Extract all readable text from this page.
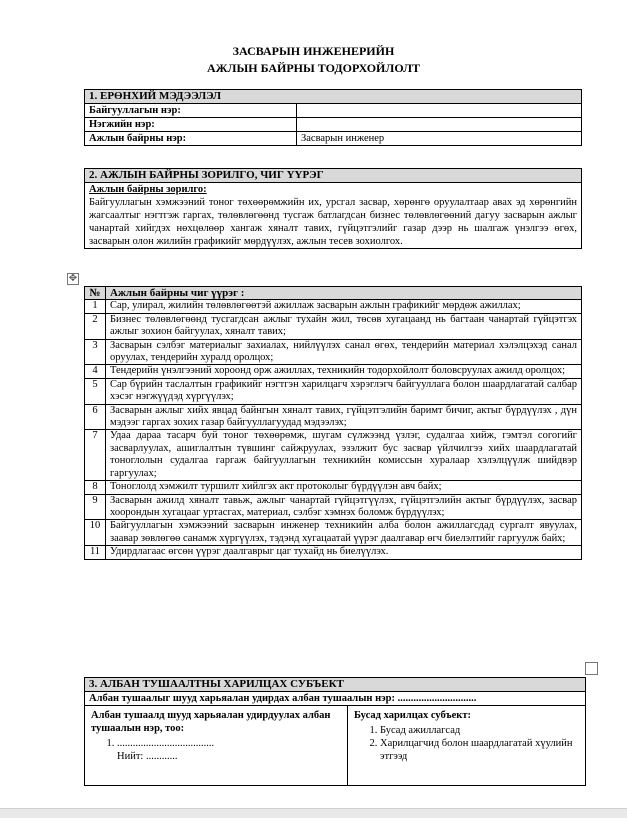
ЗАСВАРЫН ИНЖЕНЕРИЙН
АЖЛЫН БАЙРНЫ ТОДОРХОЙЛОЛТ
1. ЕРӨНХИЙ МЭДЭЭЛЭЛ	
Байгууллагын нэр:	
Нэгжийн нэр:	
Ажлын байрны нэр:	Засварын инженер
2. АЖЛЫН БАЙРНЫ ЗОРИЛГО, ЧИГ ҮҮРЭГ

Ажлын байрны зорилго:
Байгууллагын хэмжээний тоног төхөөрөмжийн их, урсгал засвар, хөрөнгө оруулалтаар авах эд хөрөнгийн жагсаалтыг нэгтгэж гаргах, төлөвлөгөөнд тусгаж батлагдсан бизнес төлөвлөгөөний дагуу засварын ажлыг чанартай хийгдэх нөхцөлөөр хангаж хяналт тавих, гүйцэтгэлийг газар дээр нь шалгаж үнэлгээ өгөх, засварын олон жилийн графикийг мөрдүүлэх, ажлын тесев зохиолгох.
✥
№	Ажлын байрны чиг үүрэг :
1	Сар, улирал, жилийн төлөвлөгөөтэй ажиллаж засварын ажлын графикийг мөрдөж ажиллах;
2	Бизнес төлөвлөгөөнд тусгагдсан ажлыг тухайн жил, төсөв хугацаанд нь багтаан чанартай гүйцэтгэх ажлыг зохион байгуулах, хяналт тавих;
3	Засварын сэлбэг материалыг захиалах, нийлүүлэх санал өгөх, тендерийн материал хэлэлцэхэд санал оруулах, тендерийн хуралд оролцох;
4	Тендерийн үнэлгээний хороонд орж ажиллах, техникийн тодорхойлолт боловсруулах ажилд оролцох;
5	Сар бүрийн таслалтын графикийг нэгтгэн харилцагч хэрэглэгч байгууллага болон шаардлагатай салбар хэсэг нэгжүүдэд хүргүүлэх;
6	Засварын ажлыг хийх явцад байнгын хяналт тавих, гүйцэтгэлийн баримт бичиг, актыг бүрдүүлэх , дүн мэдээг гаргах зохих газар байгууллагуудад мэдээлэх;
7	Удаа дараа тасарч буй тоног төхөөрөмж, шугам сүлжээнд үзлэг, судалгаа хийж, гэмтэл согогийг засварлуулах, ашиглалтын түвшинг сайжруулах, эзэлжит бус засвар үйлчилгээ хийх шаардлагатай тоноглолын судалгаа гаргаж байгууллагын техникийн комиссын хуралаар хэлэлцүүлж шийдвэр гаргуулах;
8	Тоноглолд хэмжилт туршилт хийлгэх акт протоколыг бүрдүүлэн авч байх;
9	Засварын ажилд хяналт тавьж, ажлыг чанартай гүйцэтгүүлэх, гүйцэтгэлийн актыг бүрдүүлэх, засвар хоорондын хугацааг уртасгах, материал, сэлбэг хэмнэх боломж бүрдүүлэх;
10	Байгууллагын хэмжээний засварын инженер техникийн алба болон ажиллагсдад сургалт явуулах, заавар зөвлөгөө санамж хүргүүлэх, тэдэнд хугацаатай үүрэг даалгавар өгч биелэлтийг гаргуулж байх;
11	Удирдлагаас өгсөн үүрэг даалгаврыг цаг тухайд нь биелүүлэх.
3. АЛБАН ТУШААЛТНЫ ХАРИЛЦАХ СУБЪЕКТ
Албан тушаалыг шууд харьяалан удирдах албан тушаалын нэр: ..............................

Албан тушаалд шууд харьяалан удирдуулах албан тушаалын нэр, тоо:
1. .....................................
Нийт: ............

Бусад харилцах субъект:
1. Бусад ажиллагсад
2. Харилцагчид болон шаардлагатай хүулийн этгээд
